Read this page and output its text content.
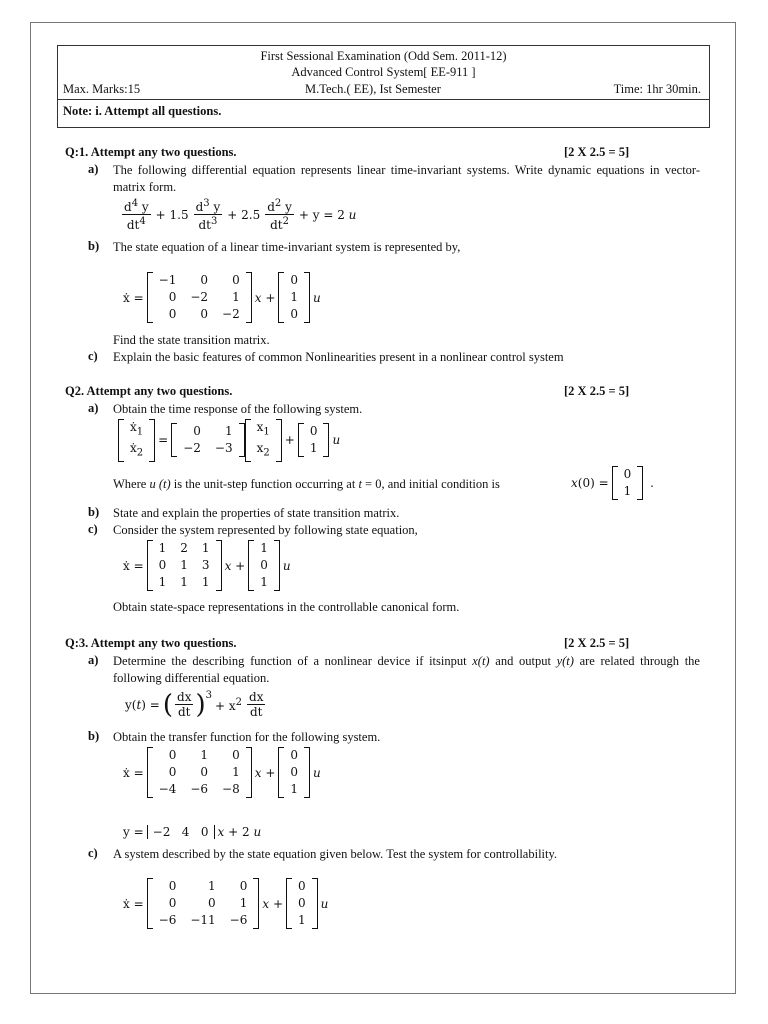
First Sessional Examination (Odd Sem. 2011-12)
Advanced Control System[ EE-911 ]
Max. Marks:15	M.Tech.( EE), Ist Semester	Time: 1hr 30min.
Note: i. Attempt all questions.
Q:1. Attempt any two questions.	[2 X 2.5 = 5]
a) The following differential equation represents linear time-invariant systems. Write dynamic equations in vector-matrix form.
$\frac{d^4 y}{dt^4} + 1.5 \frac{d^3 y}{dt^3} + 2.5 \frac{d^2 y}{dt^2} + y = 2$ u
b) The state equation of a linear time-invariant system is represented by,
ẋ =
−1	0	0
0	−2	1
0	0	−2
x +
0
1
0
u
Find the state transition matrix.
c) Explain the basic features of common Nonlinearities present in a nonlinear control system
Q2. Attempt any two questions.	[2 X 2.5 = 5]
a) Obtain the time response of the following system.
ẋ$_1$
ẋ$_2$
=
0	1
−2	−3
$x_1$
$x_2$
+
0
1
u
Where u (t) is the unit-step function occurring at t = 0, and initial condition is	x(0) =
0
1
.
b) State and explain the properties of state transition matrix.
c) Consider the system represented by following state equation,
ẋ =
1	2	1
0	1	3
1	1	1
x +
1
0
1
u
Obtain state-space representations in the controllable canonical form.
Q:3. Attempt any two questions.	[2 X 2.5 = 5]
a) Determine the describing function of a nonlinear device if itsinput x(t) and output y(t) are related through the following differential equation.
y(t) = ( $\frac{dx}{dt} )^3$
+ $x^2 \frac{dx}{dt}$
b) Obtain the transfer function for the following system.
ẋ =
0	1	0
0	0	1
−4	−6	−8
x +
0
0
1
u
y = −2   4   0 x + 2 u
c) A system described by the state equation given below. Test the system for controllability.
ẋ =
0	1	0
0	0	1
−6	−11	−6
x +
0
0
1
u
